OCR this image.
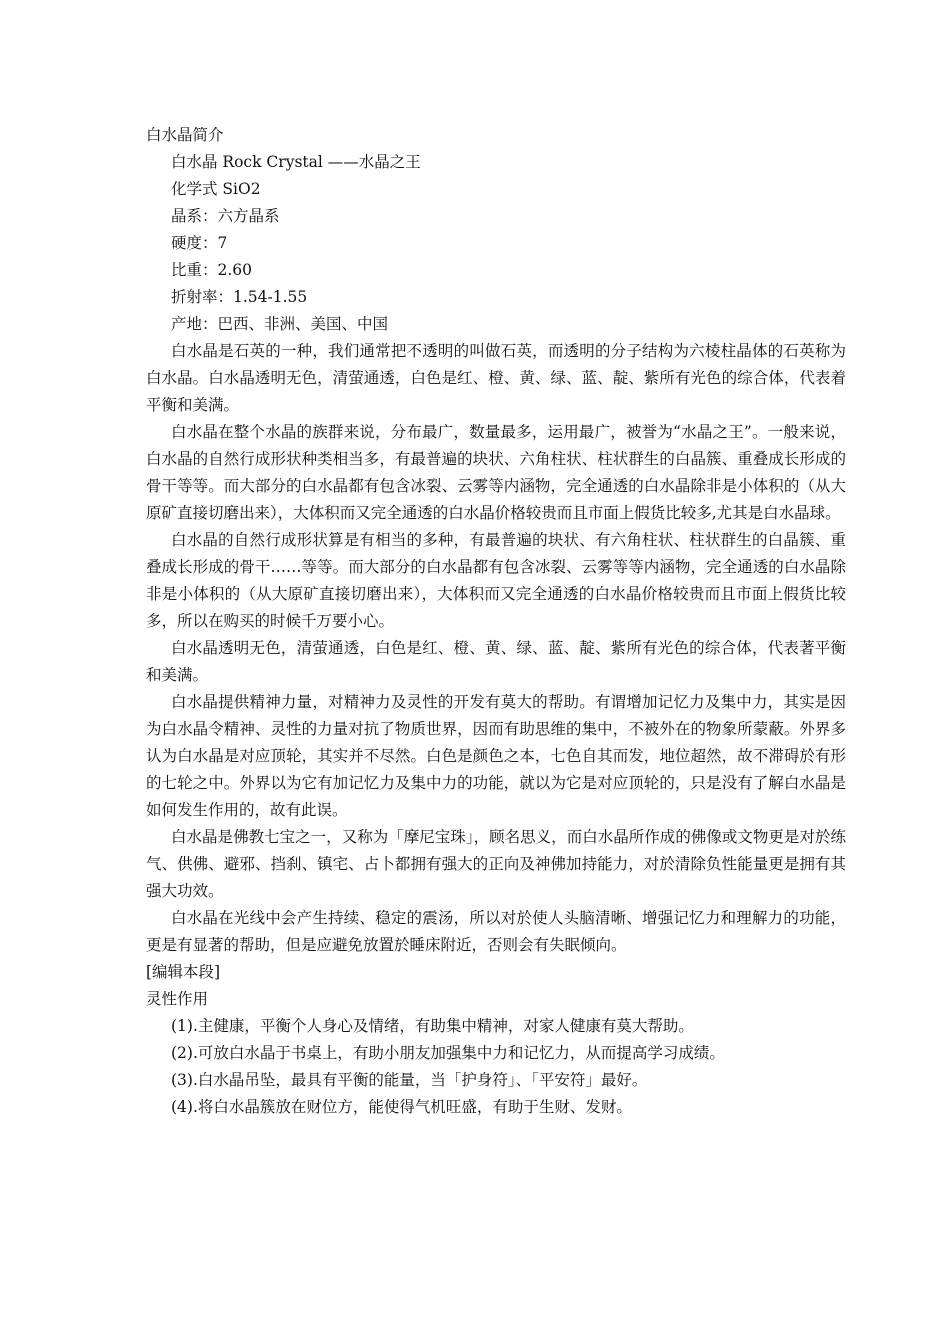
白水晶简介

白水晶 Rock Crystal ——水晶之王

化学式 SiO2

晶系：六方晶系

硬度：7

比重：2.60

折射率：1.54-1.55

产地：巴西、非洲、美国、中国

白水晶是石英的一种，我们通常把不透明的叫做石英，而透明的分子结构为六棱柱晶体的石英称为白水晶。白水晶透明无色，清萤通透，白色是红、橙、黄、绿、蓝、靛、紫所有光色的综合体，代表着平衡和美满。

白水晶在整个水晶的族群来说，分布最广，数量最多，运用最广，被誉为“水晶之王”。一般来说，白水晶的自然行成形状种类相当多，有最普遍的块状、六角柱状、柱状群生的白晶簇、重叠成长形成的骨干等等。而大部分的白水晶都有包含冰裂、云雾等内涵物，完全通透的白水晶除非是小体积的（从大原矿直接切磨出来），大体积而又完全通透的白水晶价格较贵而且市面上假货比较多,尤其是白水晶球。

白水晶的自然行成形状算是有相当的多种，有最普遍的块状、有六角柱状、柱状群生的白晶簇、重叠成长形成的骨干……等等。而大部分的白水晶都有包含冰裂、云雾等等内涵物，完全通透的白水晶除非是小体积的（从大原矿直接切磨出来），大体积而又完全通透的白水晶价格较贵而且市面上假货比较多，所以在购买的时候千万要小心。

白水晶透明无色，清萤通透，白色是红、橙、黄、绿、蓝、靛、紫所有光色的综合体，代表著平衡和美满。

白水晶提供精神力量，对精神力及灵性的开发有莫大的帮助。有谓增加记忆力及集中力，其实是因为白水晶令精神、灵性的力量对抗了物质世界，因而有助思维的集中，不被外在的物象所蒙蔽。外界多认为白水晶是对应顶轮，其实并不尽然。白色是颜色之本，七色自其而发，地位超然，故不滞碍於有形的七轮之中。外界以为它有加记忆力及集中力的功能，就以为它是对应顶轮的，只是没有了解白水晶是如何发生作用的，故有此误。

白水晶是佛教七宝之一，又称为「摩尼宝珠」，顾名思义，而白水晶所作成的佛像或文物更是对於练气、供佛、避邪、挡刹、镇宅、占卜都拥有强大的正向及神佛加持能力，对於清除负性能量更是拥有其强大功效。

白水晶在光线中会产生持续、稳定的震汤，所以对於使人头脑清晰、增强记忆力和理解力的功能，更是有显著的帮助，但是应避免放置於睡床附近，否则会有失眠倾向。

[编辑本段]

灵性作用

(1).主健康，平衡个人身心及情绪，有助集中精神，对家人健康有莫大帮助。

(2).可放白水晶于书桌上，有助小朋友加强集中力和记忆力，从而提高学习成绩。

(3).白水晶吊坠，最具有平衡的能量，当「护身符」、「平安符」最好。

(4).将白水晶簇放在财位方，能使得气机旺盛，有助于生财、发财。
